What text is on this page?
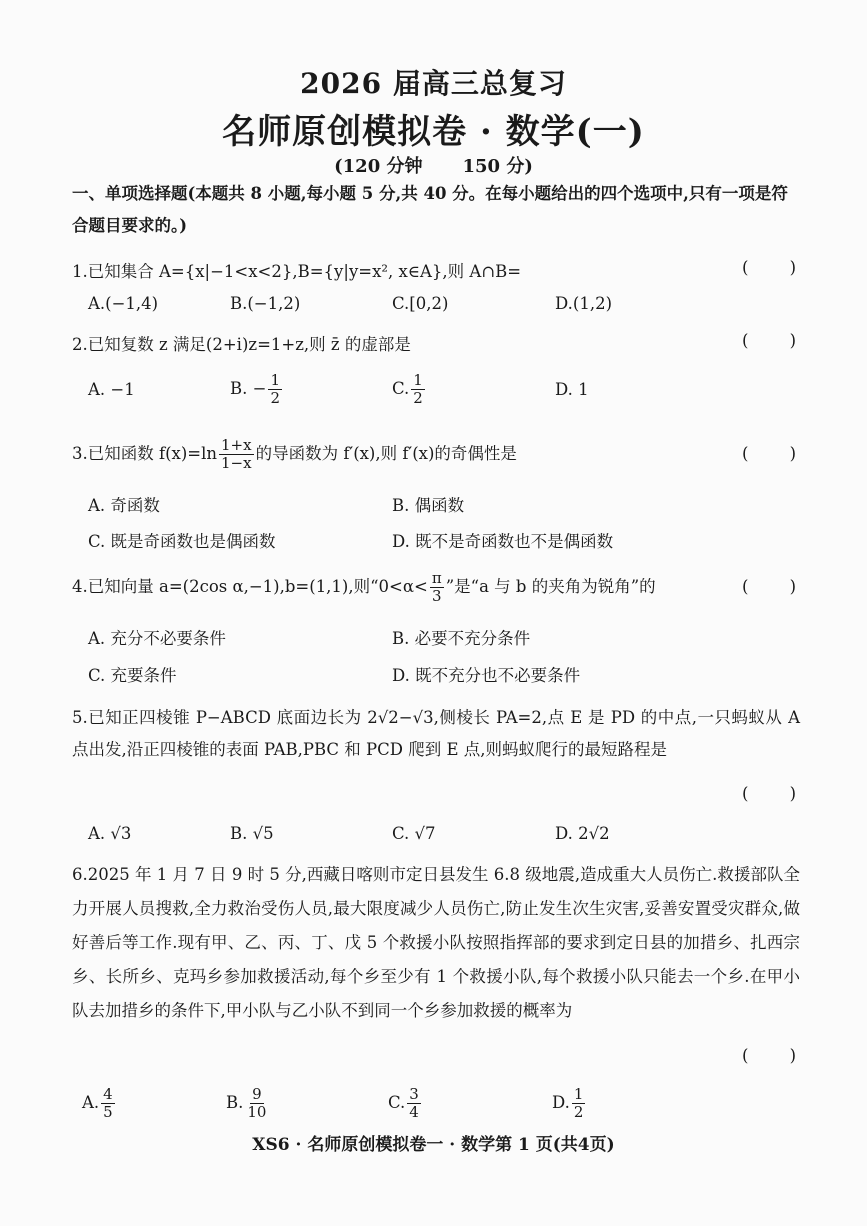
2026 届高三总复习
名师原创模拟卷 · 数学(一)
(120 分钟 150 分)
一、单项选择题(本题共 8 小题,每小题 5 分,共 40 分。在每小题给出的四个选项中,只有一项是符合题目要求的。)
1.已知集合 A={x|−1<x<2},B={y|y=x², x∈A},则 A∩B=	( )
A.(−1,4)	B.(−1,2)	C.[0,2)	D.(1,2)
2.已知复数 z 满足(2+i)z=1+z,则 z̄ 的虚部是	( )
A. −1	B. − $\frac{1}{2}$	C. $\frac{1}{2}$	D. 1
3.已知函数 $f(x)=\ln \frac{1+x}{1-x}$ 的导函数为 f′(x),则 f′(x)的奇偶性是	( )
A. 奇函数	B. 偶函数
C. 既是奇函数也是偶函数	D. 既不是奇函数也不是偶函数
4.已知向量 a=(2cos α,−1),b=(1,1),则“$0<\alpha< \frac{\pi}{3}$ ”是“a 与 b 的夹角为锐角”的	( )
A. 充分不必要条件	B. 必要不充分条件
C. 充要条件	D. 既不充分也不必要条件
5.已知正四棱锥 P−ABCD 底面边长为 2√2−√3,侧棱长 PA=2,点 E 是 PD 的中点,一只蚂蚁从 A 点出发,沿正四棱锥的表面 PAB,PBC 和 PCD 爬到 E 点,则蚂蚁爬行的最短路程是
( )
A. √3	B. √5	C. √7	D. 2√2
6.2025 年 1 月 7 日 9 时 5 分,西藏日喀则市定日县发生 6.8 级地震,造成重大人员伤亡.救援部队全力开展人员搜救,全力救治受伤人员,最大限度减少人员伤亡,防止发生次生灾害,妥善安置受灾群众,做好善后等工作.现有甲、乙、丙、丁、戊 5 个救援小队按照指挥部的要求到定日县的加措乡、扎西宗乡、长所乡、克玛乡参加救援活动,每个乡至少有 1 个救援小队,每个救援小队只能去一个乡.在甲小队去加措乡的条件下,甲小队与乙小队不到同一个乡参加救援的概率为
( )
A. $\frac{4}{5}$	B. $\frac{9}{10}$	C. $\frac{3}{4}$	D. $\frac{1}{2}$
XS6 · 名师原创模拟卷一 · 数学第 1 页(共4页)
